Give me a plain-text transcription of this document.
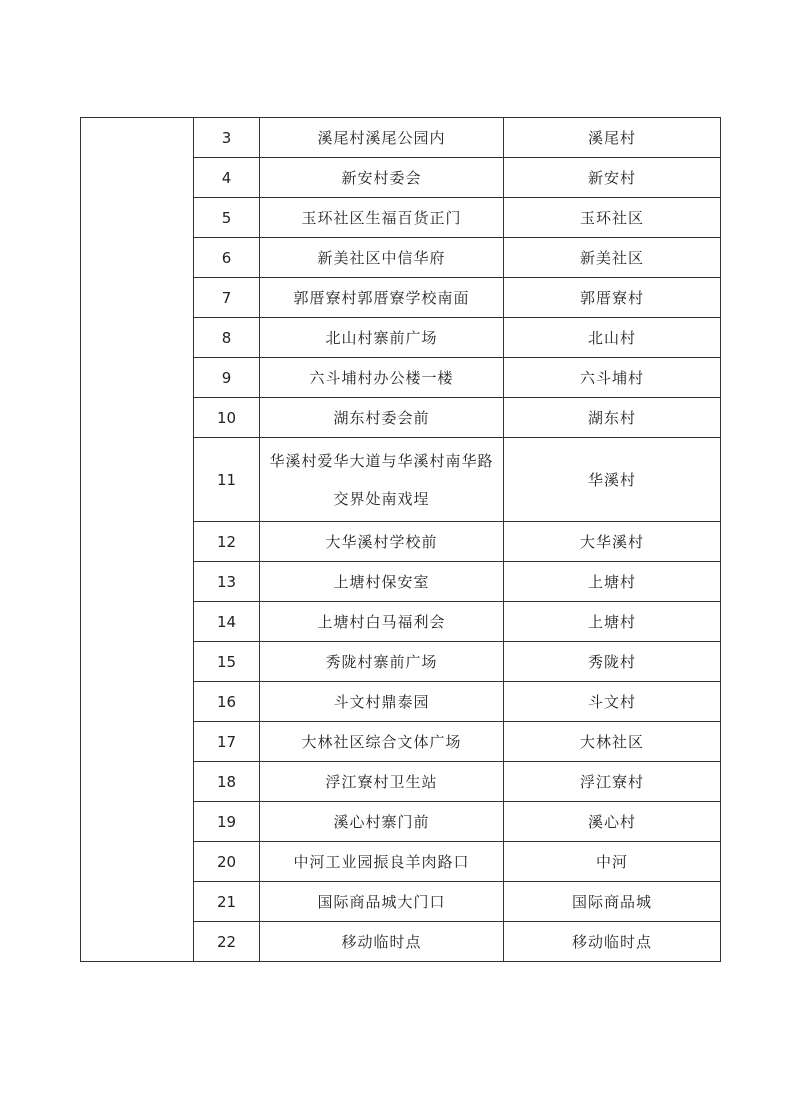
	3	溪尾村溪尾公园内	溪尾村
	4	新安村委会	新安村
	5	玉环社区生福百货正门	玉环社区
	6	新美社区中信华府	新美社区
	7	郭厝寮村郭厝寮学校南面	郭厝寮村
	8	北山村寨前广场	北山村
	9	六斗埔村办公楼一楼	六斗埔村
	10	湖东村委会前	湖东村
	11	华溪村爱华大道与华溪村南华路交界处南戏埕	华溪村
	12	大华溪村学校前	大华溪村
	13	上塘村保安室	上塘村
	14	上塘村白马福利会	上塘村
	15	秀陇村寨前广场	秀陇村
	16	斗文村鼎泰园	斗文村
	17	大林社区综合文体广场	大林社区
	18	浮江寮村卫生站	浮江寮村
	19	溪心村寨门前	溪心村
	20	中河工业园振良羊肉路口	中河
	21	国际商品城大门口	国际商品城
	22	移动临时点	移动临时点
